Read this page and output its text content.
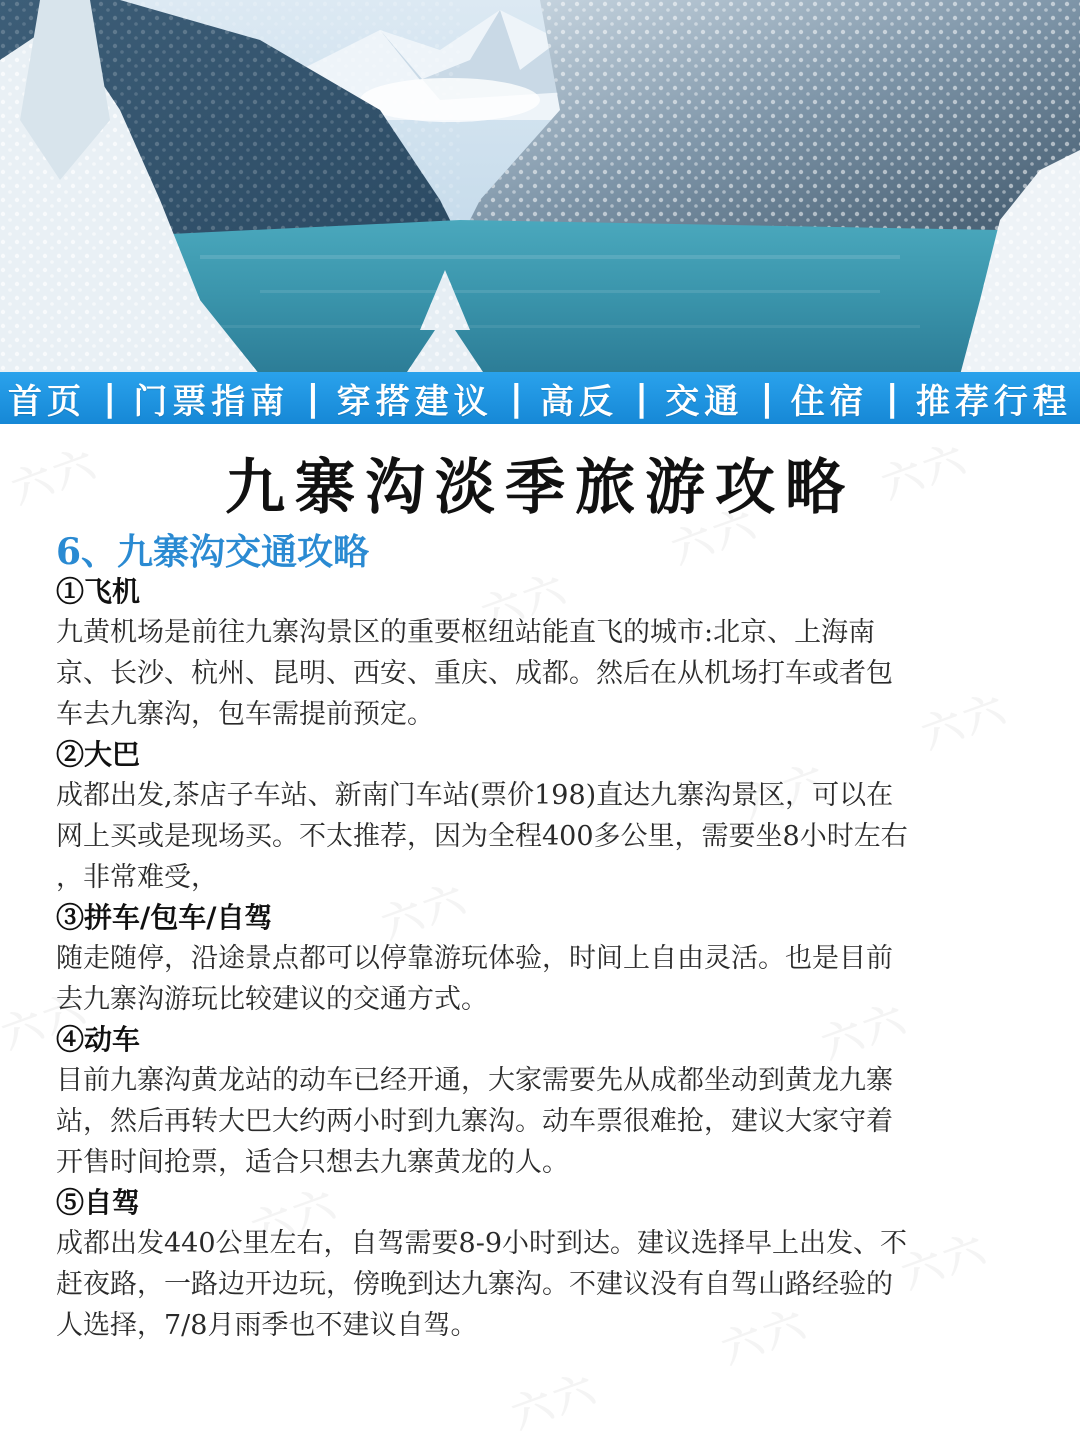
首页 | 门票指南 | 穿搭建议 | 高反 | 交通 | 住宿 | 推荐行程
九寨沟淡季旅游攻略
6、九寨沟交通攻略

①飞机

九黄机场是前往九寨沟景区的重要枢纽站能直飞的城市:北京、上海南

京、长沙、杭州、昆明、西安、重庆、成都。然后在从机场打车或者包

车去九寨沟，包车需提前预定。

②大巴

成都出发,茶店子车站、新南门车站(票价198)直达九寨沟景区，可以在

网上买或是现场买。不太推荐，因为全程400多公里，需要坐8小时左右

，非常难受，

③拼车/包车/自驾

随走随停，沿途景点都可以停靠游玩体验，时间上自由灵活。也是目前

去九寨沟游玩比较建议的交通方式。

④动车

目前九寨沟黄龙站的动车已经开通，大家需要先从成都坐动到黄龙九寨

站，然后再转大巴大约两小时到九寨沟。动车票很难抢，建议大家守着

开售时间抢票，适合只想去九寨黄龙的人。

⑤自驾

成都出发440公里左右，自驾需要8-9小时到达。建议选择早上出发、不

赶夜路，一路边开边玩，傍晚到达九寨沟。不建议没有自驾山路经验的

人选择，7/8月雨季也不建议自驾。
